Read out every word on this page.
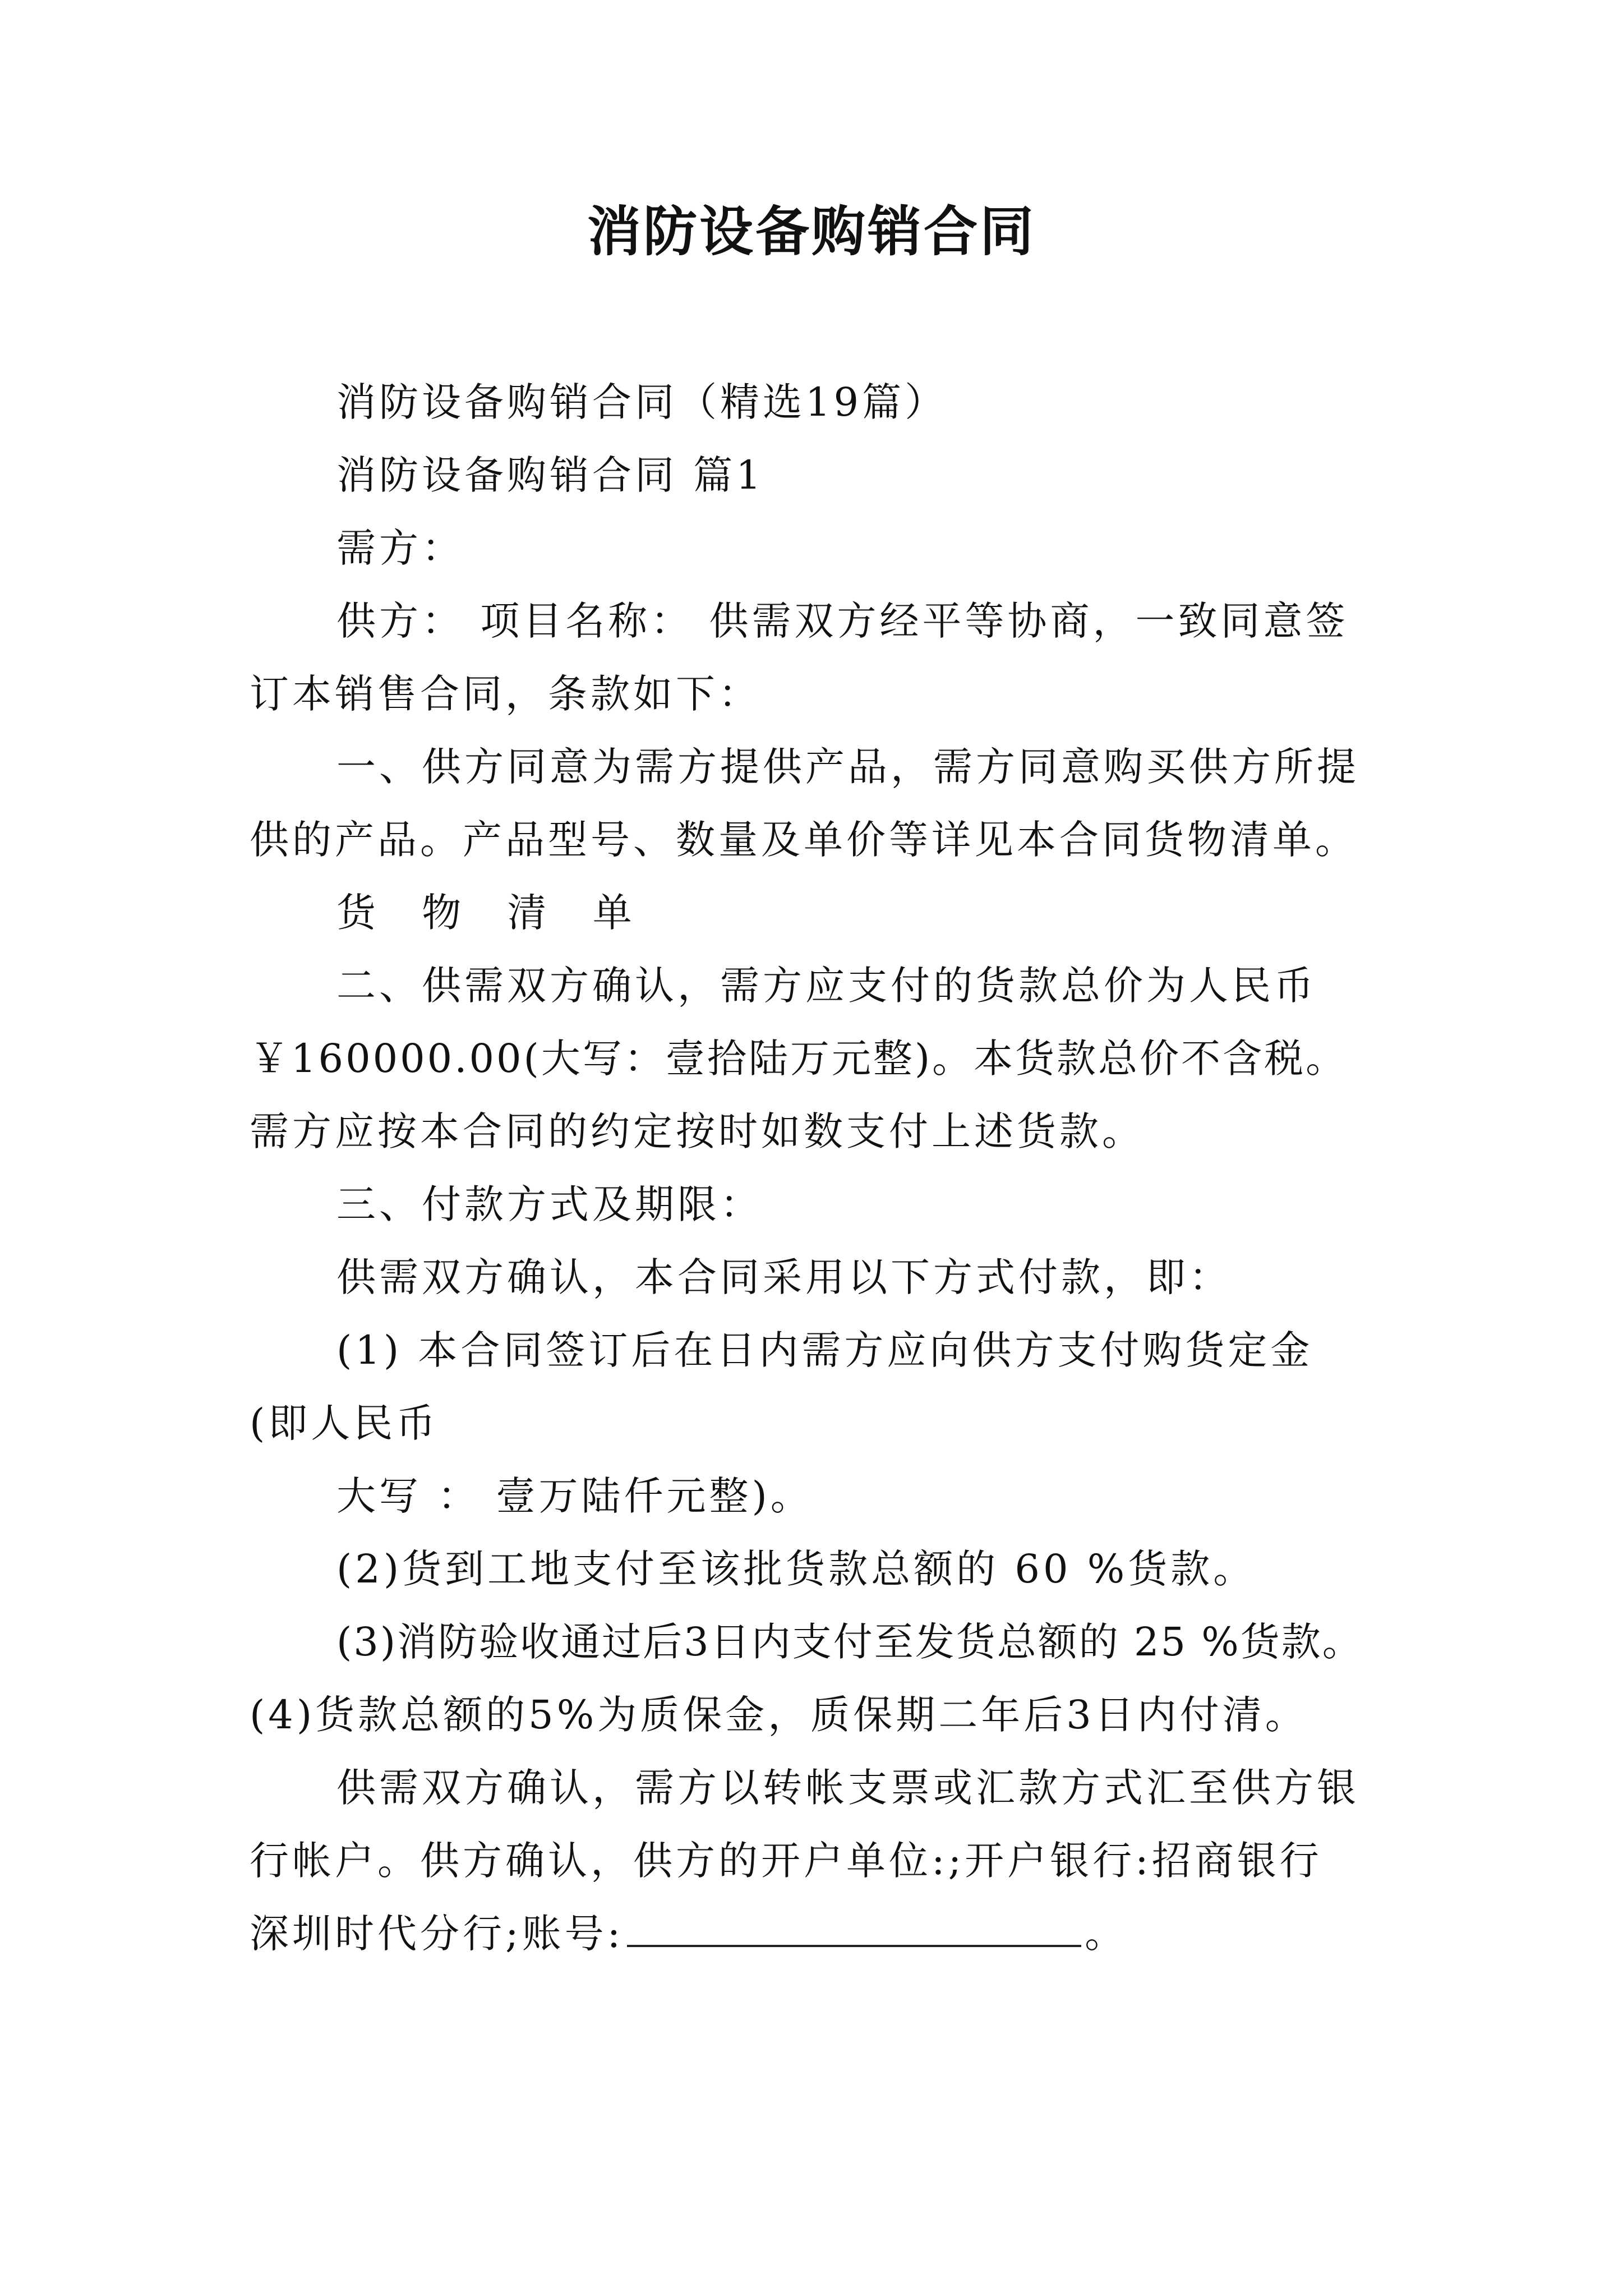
消防设备购销合同
消防设备购销合同（精选19篇）
消防设备购销合同 篇1
需方：
供方： 项目名称： 供需双方经平等协商，一致同意签
订本销售合同，条款如下：
一、供方同意为需方提供产品，需方同意购买供方所提
供的产品。产品型号、数量及单价等详见本合同货物清单。
货 物 清 单
二、供需双方确认，需方应支付的货款总价为人民币
￥160000.00(大写：壹拾陆万元整)。本货款总价不含税。
需方应按本合同的约定按时如数支付上述货款。
三、付款方式及期限：
供需双方确认，本合同采用以下方式付款，即：
(1) 本合同签订后在日内需方应向供方支付购货定金
(即人民币
大写 ： 壹万陆仟元整)。
(2)货到工地支付至该批货款总额的 60 %货款。
(3)消防验收通过后3日内支付至发货总额的 25 %货款。
(4)货款总额的5%为质保金，质保期二年后3日内付清。
供需双方确认，需方以转帐支票或汇款方式汇至供方银
行帐户。供方确认，供方的开户单位:;开户银行:招商银行
深圳时代分行;账号:	。
